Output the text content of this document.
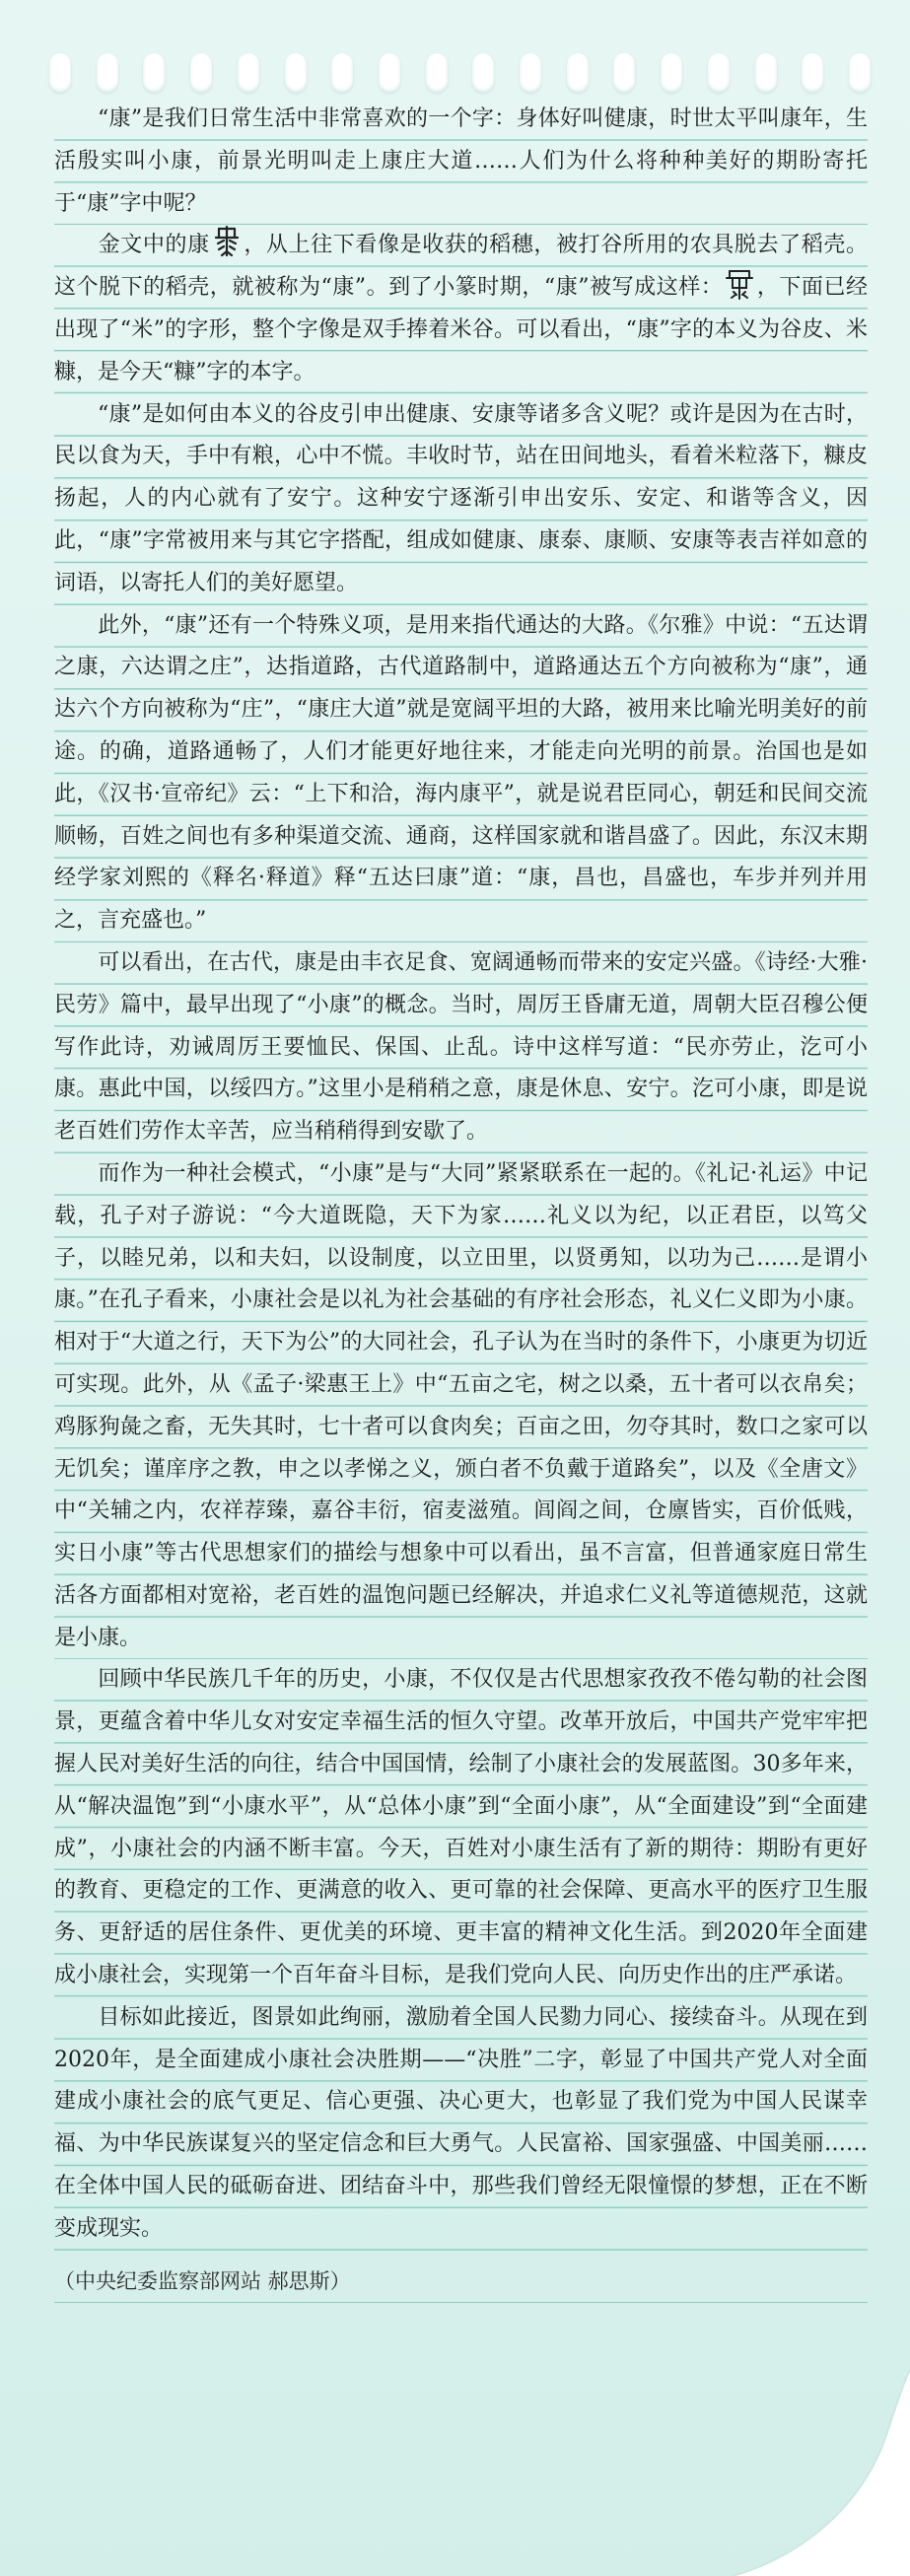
“康”是我们日常生活中非常喜欢的一个字：身体好叫健康，时世太平叫康年，生活殷实叫小康，前景光明叫走上康庄大道……人们为什么将种种美好的期盼寄托于“康”字中呢？

金文中的康 ，从上往下看像是收获的稻穗，被打谷所用的农具脱去了稻壳。这个脱下的稻壳，就被称为“康”。到了小篆时期，“康”被写成这样： ，下面已经出现了“米”的字形，整个字像是双手捧着米谷。可以看出，“康”字的本义为谷皮、米糠，是今天“糠”字的本字。

“康”是如何由本义的谷皮引申出健康、安康等诸多含义呢？或许是因为在古时，民以食为天，手中有粮，心中不慌。丰收时节，站在田间地头，看着米粒落下，糠皮扬起，人的内心就有了安宁。这种安宁逐渐引申出安乐、安定、和谐等含义，因此，“康”字常被用来与其它字搭配，组成如健康、康泰、康顺、安康等表吉祥如意的词语，以寄托人们的美好愿望。

此外，“康”还有一个特殊义项，是用来指代通达的大路。《尔雅》中说：“五达谓之康，六达谓之庄”，达指道路，古代道路制中，道路通达五个方向被称为“康”，通达六个方向被称为“庄”，“康庄大道”就是宽阔平坦的大路，被用来比喻光明美好的前途。的确，道路通畅了，人们才能更好地往来，才能走向光明的前景。治国也是如此，《汉书·宣帝纪》云：“上下和洽，海内康平”，就是说君臣同心，朝廷和民间交流顺畅，百姓之间也有多种渠道交流、通商，这样国家就和谐昌盛了。因此，东汉末期经学家刘熙的《释名·释道》释“五达曰康”道：“康，昌也，昌盛也，车步并列并用之，言充盛也。”

可以看出，在古代，康是由丰衣足食、宽阔通畅而带来的安定兴盛。《诗经·大雅·民劳》篇中，最早出现了“小康”的概念。当时，周厉王昏庸无道，周朝大臣召穆公便写作此诗，劝诫周厉王要恤民、保国、止乱。诗中这样写道：“民亦劳止，汔可小康。惠此中国，以绥四方。”这里小是稍稍之意，康是休息、安宁。汔可小康，即是说老百姓们劳作太辛苦，应当稍稍得到安歇了。

而作为一种社会模式，“小康”是与“大同”紧紧联系在一起的。《礼记·礼运》中记载，孔子对子游说：“今大道既隐，天下为家……礼义以为纪，以正君臣，以笃父子，以睦兄弟，以和夫妇，以设制度，以立田里，以贤勇知，以功为己……是谓小康。”在孔子看来，小康社会是以礼为社会基础的有序社会形态，礼义仁义即为小康。相对于“大道之行，天下为公”的大同社会，孔子认为在当时的条件下，小康更为切近可实现。此外，从《孟子·梁惠王上》中“五亩之宅，树之以桑，五十者可以衣帛矣；鸡豚狗彘之畜，无失其时，七十者可以食肉矣；百亩之田，勿夺其时，数口之家可以无饥矣；谨庠序之教，申之以孝悌之义，颁白者不负戴于道路矣”，以及《全唐文》中“关辅之内，农祥荐臻，嘉谷丰衍，宿麦滋殖。闾阎之间，仓廪皆实，百价低贱，实日小康”等古代思想家们的描绘与想象中可以看出，虽不言富，但普通家庭日常生活各方面都相对宽裕，老百姓的温饱问题已经解决，并追求仁义礼等道德规范，这就是小康。

回顾中华民族几千年的历史，小康，不仅仅是古代思想家孜孜不倦勾勒的社会图景，更蕴含着中华儿女对安定幸福生活的恒久守望。改革开放后，中国共产党牢牢把握人民对美好生活的向往，结合中国国情，绘制了小康社会的发展蓝图。30多年来，从“解决温饱”到“小康水平”，从“总体小康”到“全面小康”，从“全面建设”到“全面建成”，小康社会的内涵不断丰富。今天，百姓对小康生活有了新的期待：期盼有更好的教育、更稳定的工作、更满意的收入、更可靠的社会保障、更高水平的医疗卫生服务、更舒适的居住条件、更优美的环境、更丰富的精神文化生活。到2020年全面建成小康社会，实现第一个百年奋斗目标，是我们党向人民、向历史作出的庄严承诺。

目标如此接近，图景如此绚丽，激励着全国人民勠力同心、接续奋斗。从现在到2020年，是全面建成小康社会决胜期——“决胜”二字，彰显了中国共产党人对全面建成小康社会的底气更足、信心更强、决心更大，也彰显了我们党为中国人民谋幸福、为中华民族谋复兴的坚定信念和巨大勇气。人民富裕、国家强盛、中国美丽……在全体中国人民的砥砺奋进、团结奋斗中，那些我们曾经无限憧憬的梦想，正在不断变成现实。

（中央纪委监察部网站 郝思斯）
